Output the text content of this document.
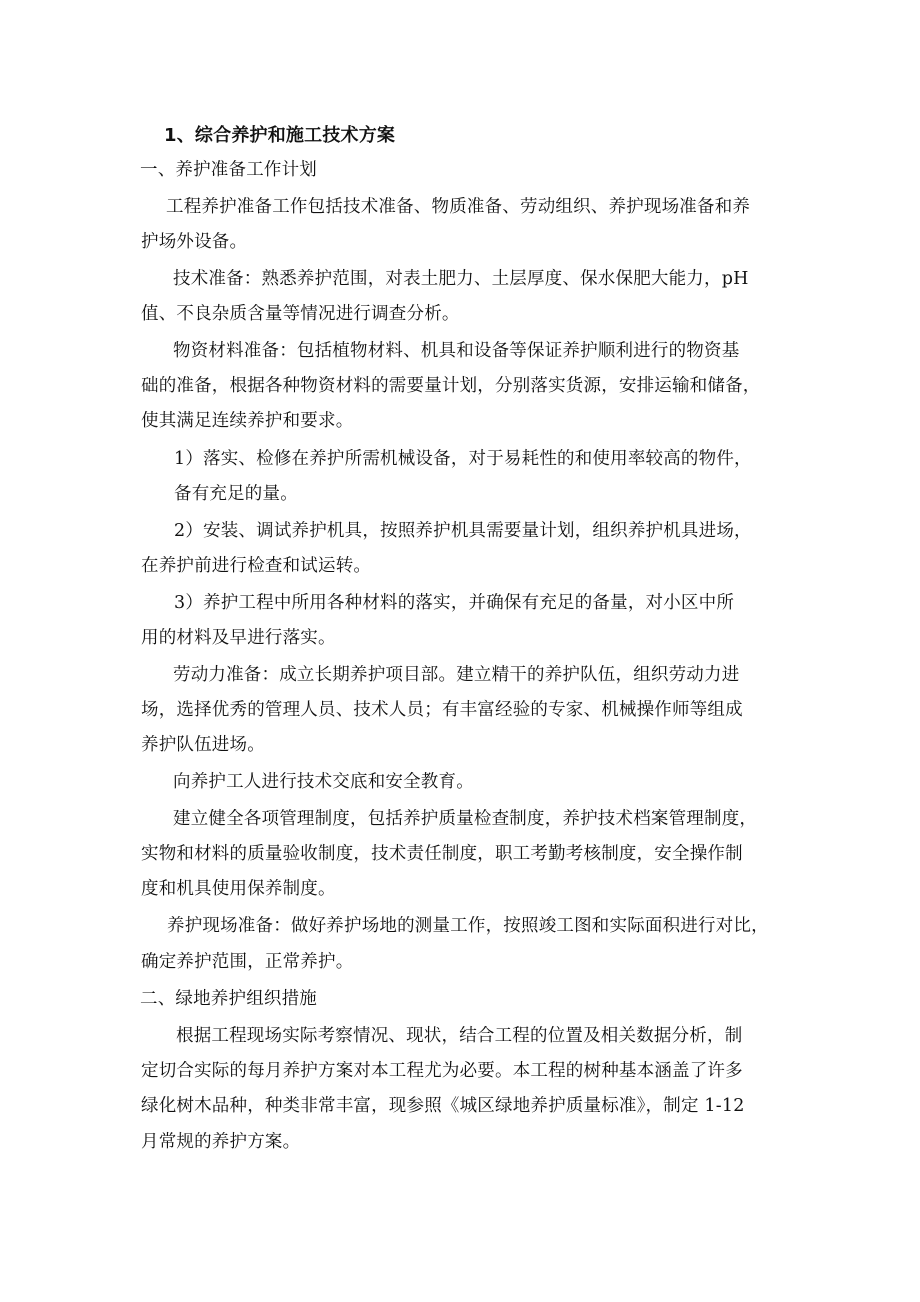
1、综合养护和施工技术方案
一、养护准备工作计划
工程养护准备工作包括技术准备、物质准备、劳动组织、养护现场准备和养
护场外设备。
技术准备：熟悉养护范围，对表土肥力、土层厚度、保水保肥大能力，pH
值、不良杂质含量等情况进行调查分析。
物资材料准备：包括植物材料、机具和设备等保证养护顺利进行的物资基
础的准备，根据各种物资材料的需要量计划，分别落实货源，安排运输和储备，
使其满足连续养护和要求。
1）落实、检修在养护所需机械设备，对于易耗性的和使用率较高的物件，
备有充足的量。
2）安装、调试养护机具，按照养护机具需要量计划，组织养护机具进场，
在养护前进行检查和试运转。
3）养护工程中所用各种材料的落实，并确保有充足的备量，对小区中所
用的材料及早进行落实。
劳动力准备：成立长期养护项目部。建立精干的养护队伍，组织劳动力进
场，选择优秀的管理人员、技术人员；有丰富经验的专家、机械操作师等组成
养护队伍进场。
向养护工人进行技术交底和安全教育。
建立健全各项管理制度，包括养护质量检查制度，养护技术档案管理制度，
实物和材料的质量验收制度，技术责任制度，职工考勤考核制度，安全操作制
度和机具使用保养制度。
养护现场准备：做好养护场地的测量工作，按照竣工图和实际面积进行对比，
确定养护范围，正常养护。
二、绿地养护组织措施
根据工程现场实际考察情况、现状，结合工程的位置及相关数据分析，制
定切合实际的每月养护方案对本工程尤为必要。本工程的树种基本涵盖了许多
绿化树木品种，种类非常丰富，现参照《城区绿地养护质量标准》，制定 1-12
月常规的养护方案。
